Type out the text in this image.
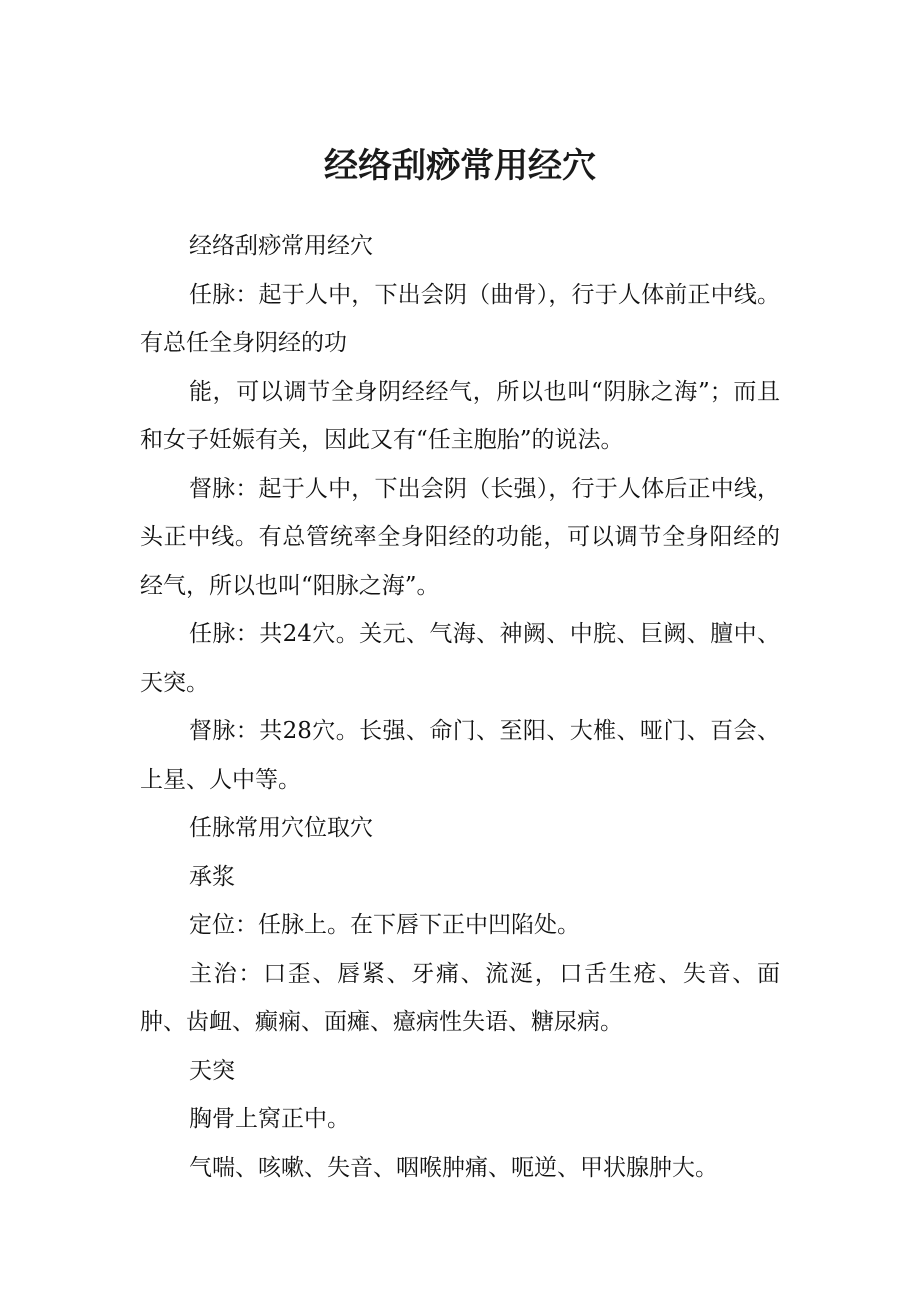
经络刮痧常用经穴

经络刮痧常用经穴

任脉：起于人中，下出会阴（曲骨），行于人体前正中线。有总任全身阴经的功

能，可以调节全身阴经经气，所以也叫“阴脉之海”；而且和女子妊娠有关，因此又有“任主胞胎”的说法。

督脉：起于人中，下出会阴（长强），行于人体后正中线，头正中线。有总管统率全身阳经的功能，可以调节全身阳经的经气，所以也叫“阳脉之海”。

任脉：共24穴。关元、气海、神阙、中脘、巨阙、膻中、天突。

督脉：共28穴。长强、命门、至阳、大椎、哑门、百会、上星、人中等。

任脉常用穴位取穴

承浆

定位：任脉上。在下唇下正中凹陷处。

主治：口歪、唇紧、牙痛、流涎，口舌生疮、失音、面肿、齿衄、癫痫、面瘫、癔病性失语、糖尿病。

天突

胸骨上窝正中。

气喘、咳嗽、失音、咽喉肿痛、呃逆、甲状腺肿大。
